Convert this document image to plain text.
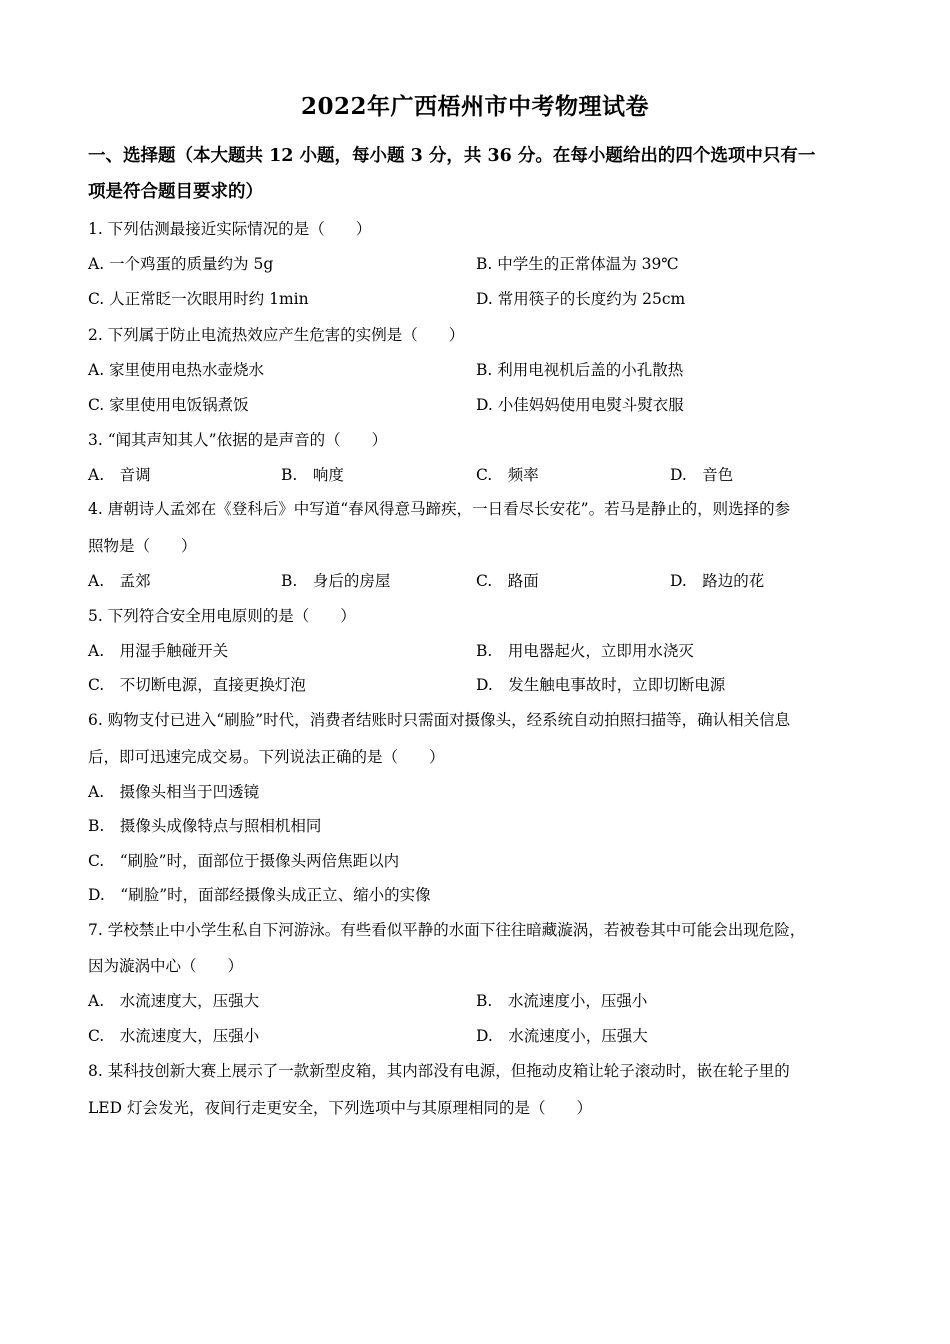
2022年广西梧州市中考物理试卷
一、选择题（本大题共 12 小题，每小题 3 分，共 36 分。在每小题给出的四个选项中只有一
项是符合题目要求的）
1. 下列估测最接近实际情况的是（　　）
A. 一个鸡蛋的质量约为 5g	B. 中学生的正常体温为 39℃
C. 人正常眨一次眼用时约 1min	D. 常用筷子的长度约为 25cm
2. 下列属于防止电流热效应产生危害的实例是（　　）
A. 家里使用电热水壶烧水	B. 利用电视机后盖的小孔散热
C. 家里使用电饭锅煮饭	D. 小佳妈妈使用电熨斗熨衣服
3. “闻其声知其人”依据的是声音的（　　）
A.　音调	B.　响度	C.　频率	D.　音色
4. 唐朝诗人孟郊在《登科后》中写道“春风得意马蹄疾，一日看尽长安花”。若马是静止的，则选择的参
照物是（　　）
A.　孟郊	B.　身后的房屋	C.　路面	D.　路边的花
5. 下列符合安全用电原则的是（　　）
A.　用湿手触碰开关	B.　用电器起火，立即用水浇灭
C.　不切断电源，直接更换灯泡	D.　发生触电事故时，立即切断电源
6. 购物支付已进入“刷脸”时代，消费者结账时只需面对摄像头，经系统自动拍照扫描等，确认相关信息
后，即可迅速完成交易。下列说法正确的是（　　）
A.　摄像头相当于凹透镜
B.　摄像头成像特点与照相机相同
C.　“刷脸”时，面部位于摄像头两倍焦距以内
D.　“刷脸”时，面部经摄像头成正立、缩小的实像
7. 学校禁止中小学生私自下河游泳。有些看似平静的水面下往往暗藏漩涡，若被卷其中可能会出现危险，
因为漩涡中心（　　）
A.　水流速度大，压强大	B.　水流速度小，压强小
C.　水流速度大，压强小	D.　水流速度小，压强大
8. 某科技创新大赛上展示了一款新型皮箱，其内部没有电源，但拖动皮箱让轮子滚动时，嵌在轮子里的
LED 灯会发光，夜间行走更安全，下列选项中与其原理相同的是（　　）
